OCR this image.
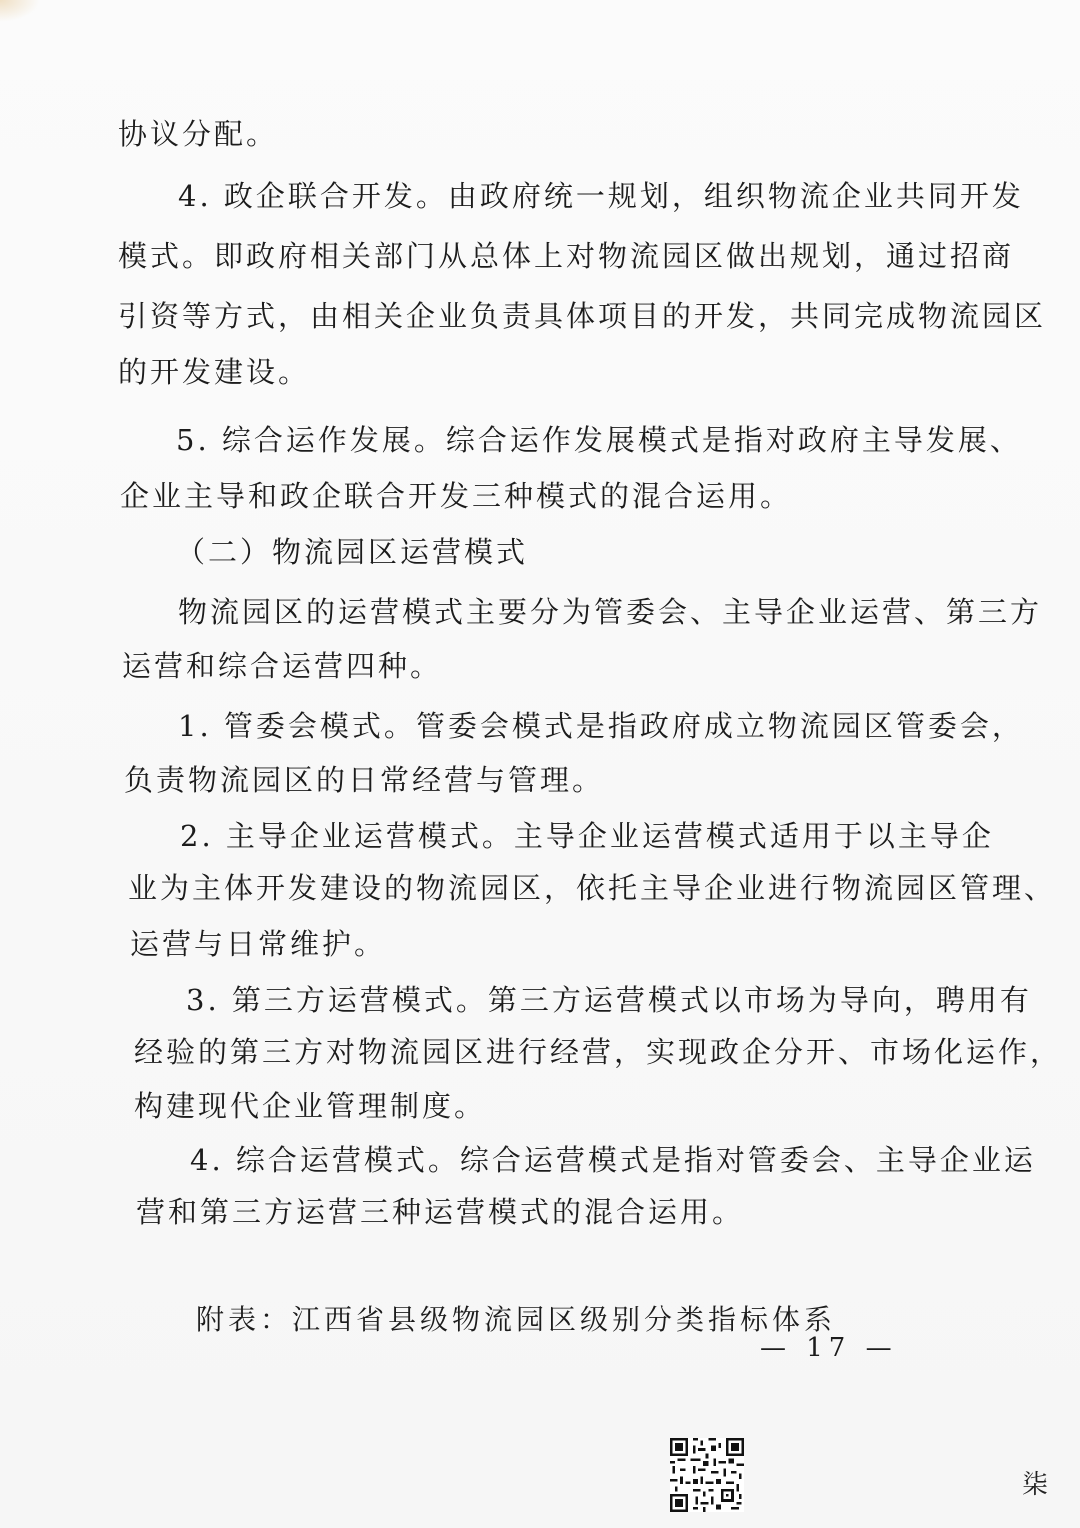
协议分配。
4. 政企联合开发。由政府统一规划，组织物流企业共同开发
模式。即政府相关部门从总体上对物流园区做出规划，通过招商
引资等方式，由相关企业负责具体项目的开发，共同完成物流园区
的开发建设。
5. 综合运作发展。综合运作发展模式是指对政府主导发展、
企业主导和政企联合开发三种模式的混合运用。
（二）物流园区运营模式
物流园区的运营模式主要分为管委会、主导企业运营、第三方
运营和综合运营四种。
1. 管委会模式。管委会模式是指政府成立物流园区管委会，
负责物流园区的日常经营与管理。
2. 主导企业运营模式。主导企业运营模式适用于以主导企
业为主体开发建设的物流园区，依托主导企业进行物流园区管理、
运营与日常维护。
3. 第三方运营模式。第三方运营模式以市场为导向，聘用有
经验的第三方对物流园区进行经营，实现政企分开、市场化运作，
构建现代企业管理制度。
4. 综合运营模式。综合运营模式是指对管委会、主导企业运
营和第三方运营三种运营模式的混合运用。
附表：江西省县级物流园区级别分类指标体系
— 17 —
柒
